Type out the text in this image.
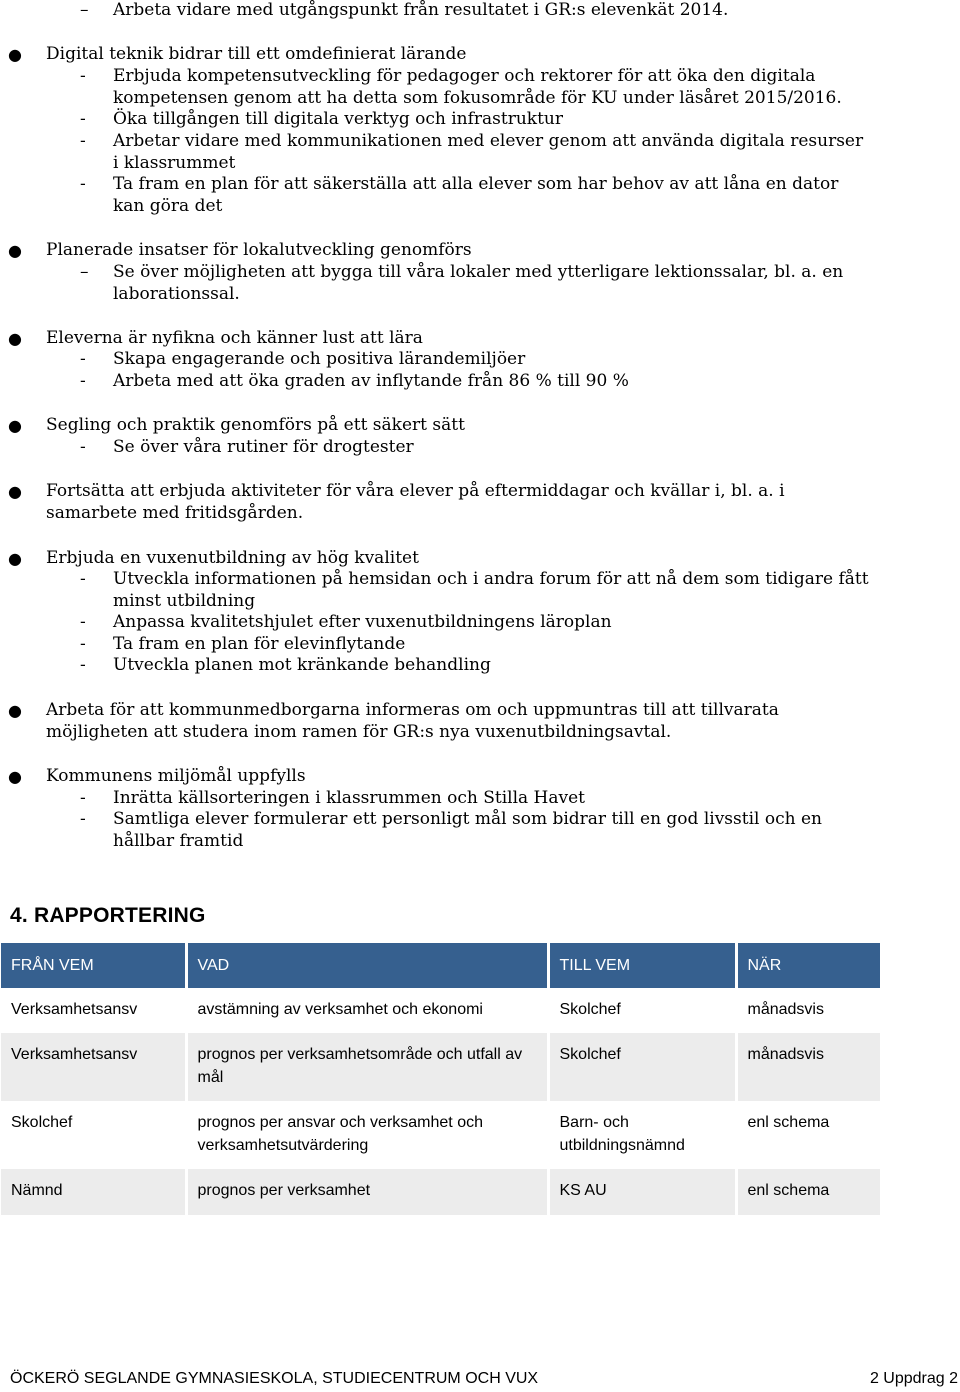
– Arbeta vidare med utgångspunkt från resultatet i GR:s elevenkät 2014.
● Digital teknik bidrar till ett omdefinierat lärande
- Erbjuda kompetensutveckling för pedagoger och rektorer för att öka den digitala kompetensen genom att ha detta som fokusområde för KU under läsåret 2015/2016.
- Öka tillgången till digitala verktyg och infrastruktur
- Arbetar vidare med kommunikationen med elever genom att använda digitala resurser i klassrummet
- Ta fram en plan för att säkerställa att alla elever som har behov av att låna en dator kan göra det
● Planerade insatser för lokalutveckling genomförs
– Se över möjligheten att bygga till våra lokaler med ytterligare lektionssalar, bl. a. en laborationssal.
● Eleverna är nyfikna och känner lust att lära
- Skapa engagerande och positiva lärandemiljöer
- Arbeta med att öka graden av inflytande från 86 % till 90 %
● Segling och praktik genomförs på ett säkert sätt
- Se över våra rutiner för drogtester
● Fortsätta att erbjuda aktiviteter för våra elever på eftermiddagar och kvällar i, bl. a. i samarbete med fritidsgården.
● Erbjuda en vuxenutbildning av hög kvalitet
- Utveckla informationen på hemsidan och i andra forum för att nå dem som tidigare fått minst utbildning
- Anpassa kvalitetshjulet efter vuxenutbildningens läroplan
- Ta fram en plan för elevinflytande
- Utveckla planen mot kränkande behandling
● Arbeta för att kommunmedborgarna informeras om och uppmuntras till att tillvarata möjligheten att studera inom ramen för GR:s nya vuxenutbildningsavtal.
● Kommunens miljömål uppfylls
- Inrätta källsorteringen i klassrummen och Stilla Havet
- Samtliga elever formulerar ett personligt mål som bidrar till en god livsstil och en hållbar framtid
4. RAPPORTERING
FRÅN VEM	VAD	TILL VEM	NÄR
Verksamhetsansv	avstämning av verksamhet och ekonomi	Skolchef	månadsvis
Verksamhetsansv	prognos per verksamhetsområde och utfall av mål	Skolchef	månadsvis
Skolchef	prognos per ansvar och verksamhet och verksamhetsutvärdering	Barn- och utbildningsnämnd	enl schema
Nämnd	prognos per verksamhet	KS AU	enl schema
ÖCKERÖ SEGLANDE GYMNASIESKOLA, STUDIECENTRUM OCH VUX	2 Uppdrag 2
